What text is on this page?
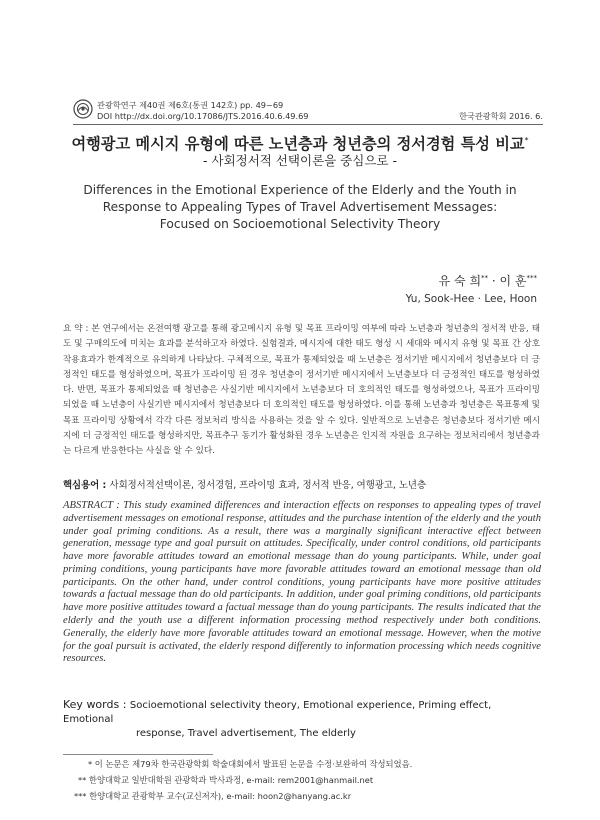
관광학연구 제40권 제6호(통권 142호) pp. 49~69
DOI http://dx.doi.org/10.17086/JTS.2016.40.6.49.69	한국관광학회 2016. 6.
여행광고 메시지 유형에 따른 노년층과 청년층의 정서경험 특성 비교*
- 사회정서적 선택이론을 중심으로 -
Differences in the Emotional Experience of the Elderly and the Youth in Response to Appealing Types of Travel Advertisement Messages: Focused on Socioemotional Selectivity Theory
유 숙 희** · 이 훈***
Yu, Sook-Hee · Lee, Hoon
요 약 : 본 연구에서는 온전여행 광고를 통해 광고메시지 유형 및 목표 프라이밍 여부에 따라 노년층과 청년층의 정서적 반응, 태도 및 구매의도에 미치는 효과를 분석하고자 하였다. 실험결과, 메시지에 대한 태도 형성 시 세대와 메시지 유형 및 목표 간 상호작용효과가 한계적으로 유의하게 나타났다. 구체적으로, 목표가 통제되었을 때 노년층은 정서기반 메시지에서 청년층보다 더 긍정적인 태도를 형성하였으며, 목표가 프라이밍 된 경우 청년층이 정서기반 메시지에서 노년층보다 더 긍정적인 태도를 형성하였다. 반면, 목표가 통제되었을 때 청년층은 사실기반 메시지에서 노년층보다 더 호의적인 태도를 형성하였으나, 목표가 프라이밍 되었을 때 노년층이 사실기반 메시지에서 청년층보다 더 호의적인 태도를 형성하였다. 이를 통해 노년층과 청년층은 목표통제 및 목표 프라이밍 상황에서 각각 다른 정보처리 방식을 사용하는 것을 알 수 있다. 일반적으로 노년층은 청년층보다 정서기반 메시지에 더 긍정적인 태도를 형성하지만, 목표추구 동기가 활성화된 경우 노년층은 인지적 자원을 요구하는 정보처리에서 청년층과는 다르게 반응한다는 사실을 알 수 있다.
핵심용어 : 사회정서적선택이론, 정서경험, 프라이밍 효과, 정서적 반응, 여행광고, 노년층
ABSTRACT : This study examined differences and interaction effects on responses to appealing types of travel advertisement messages on emotional response, attitudes and the purchase intention of the elderly and the youth under goal priming conditions. As a result, there was a marginally significant interactive effect between generation, message type and goal pursuit on attitudes. Specifically, under control conditions, old participants have more favorable attitudes toward an emotional message than do young participants. While, under goal priming conditions, young participants have more favorable attitudes toward an emotional message than old participants. On the other hand, under control conditions, young participants have more positive attitudes towards a factual message than do old participants. In addition, under goal priming conditions, old participants have more positive attitudes toward a factual message than do young participants. The results indicated that the elderly and the youth use a different information processing method respectively under both conditions. Generally, the elderly have more favorable attitudes toward an emotional message. However, when the motive for the goal pursuit is activated, the elderly respond differently to information processing which needs cognitive resources.
Key words : Socioemotional selectivity theory, Emotional experience, Priming effect, Emotional
response, Travel advertisement, The elderly
* 이 논문은 제79차 한국관광학회 학술대회에서 발표된 논문을 수정·보완하여 작성되었음.
** 한양대학교 일반대학원 관광학과 박사과정, e-mail: rem2001@hanmail.net
*** 한양대학교 관광학부 교수(교신저자), e-mail: hoon2@hanyang.ac.kr
